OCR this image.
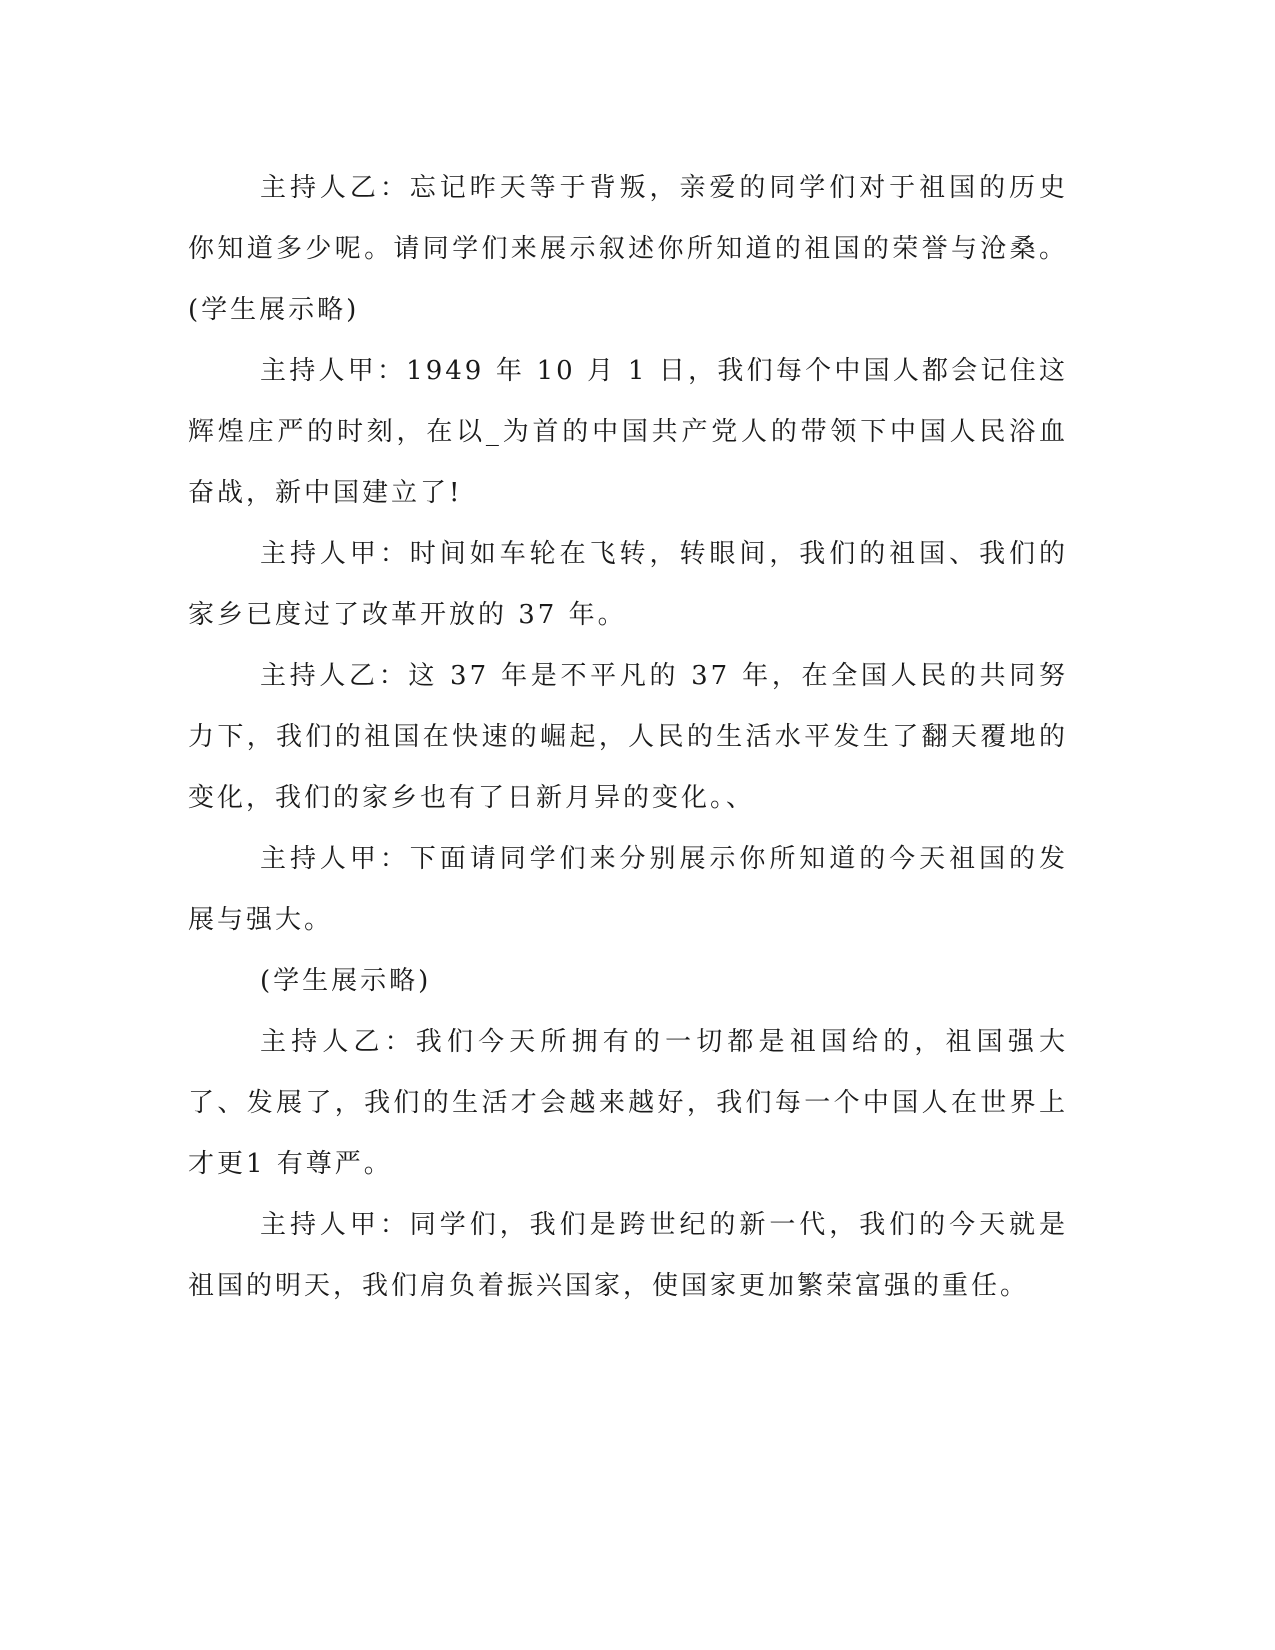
主持人乙：忘记昨天等于背叛，亲爱的同学们对于祖国的历史你知道多少呢。请同学们来展示叙述你所知道的祖国的荣誉与沧桑。(学生展示略)

主持人甲：1949 年 10 月 1 日，我们每个中国人都会记住这辉煌庄严的时刻，在以_为首的中国共产党人的带领下中国人民浴血奋战，新中国建立了!

主持人甲：时间如车轮在飞转，转眼间，我们的祖国、我们的家乡已度过了改革开放的 37 年。

主持人乙：这 37 年是不平凡的 37 年，在全国人民的共同努力下，我们的祖国在快速的崛起，人民的生活水平发生了翻天覆地的变化，我们的家乡也有了日新月异的变化。、

主持人甲：下面请同学们来分别展示你所知道的今天祖国的发展与强大。

(学生展示略)

主持人乙：我们今天所拥有的一切都是祖国给的，祖国强大了、发展了，我们的生活才会越来越好，我们每一个中国人在世界上才更1 有尊严。

主持人甲：同学们，我们是跨世纪的新一代，我们的今天就是祖国的明天，我们肩负着振兴国家，使国家更加繁荣富强的重任。
